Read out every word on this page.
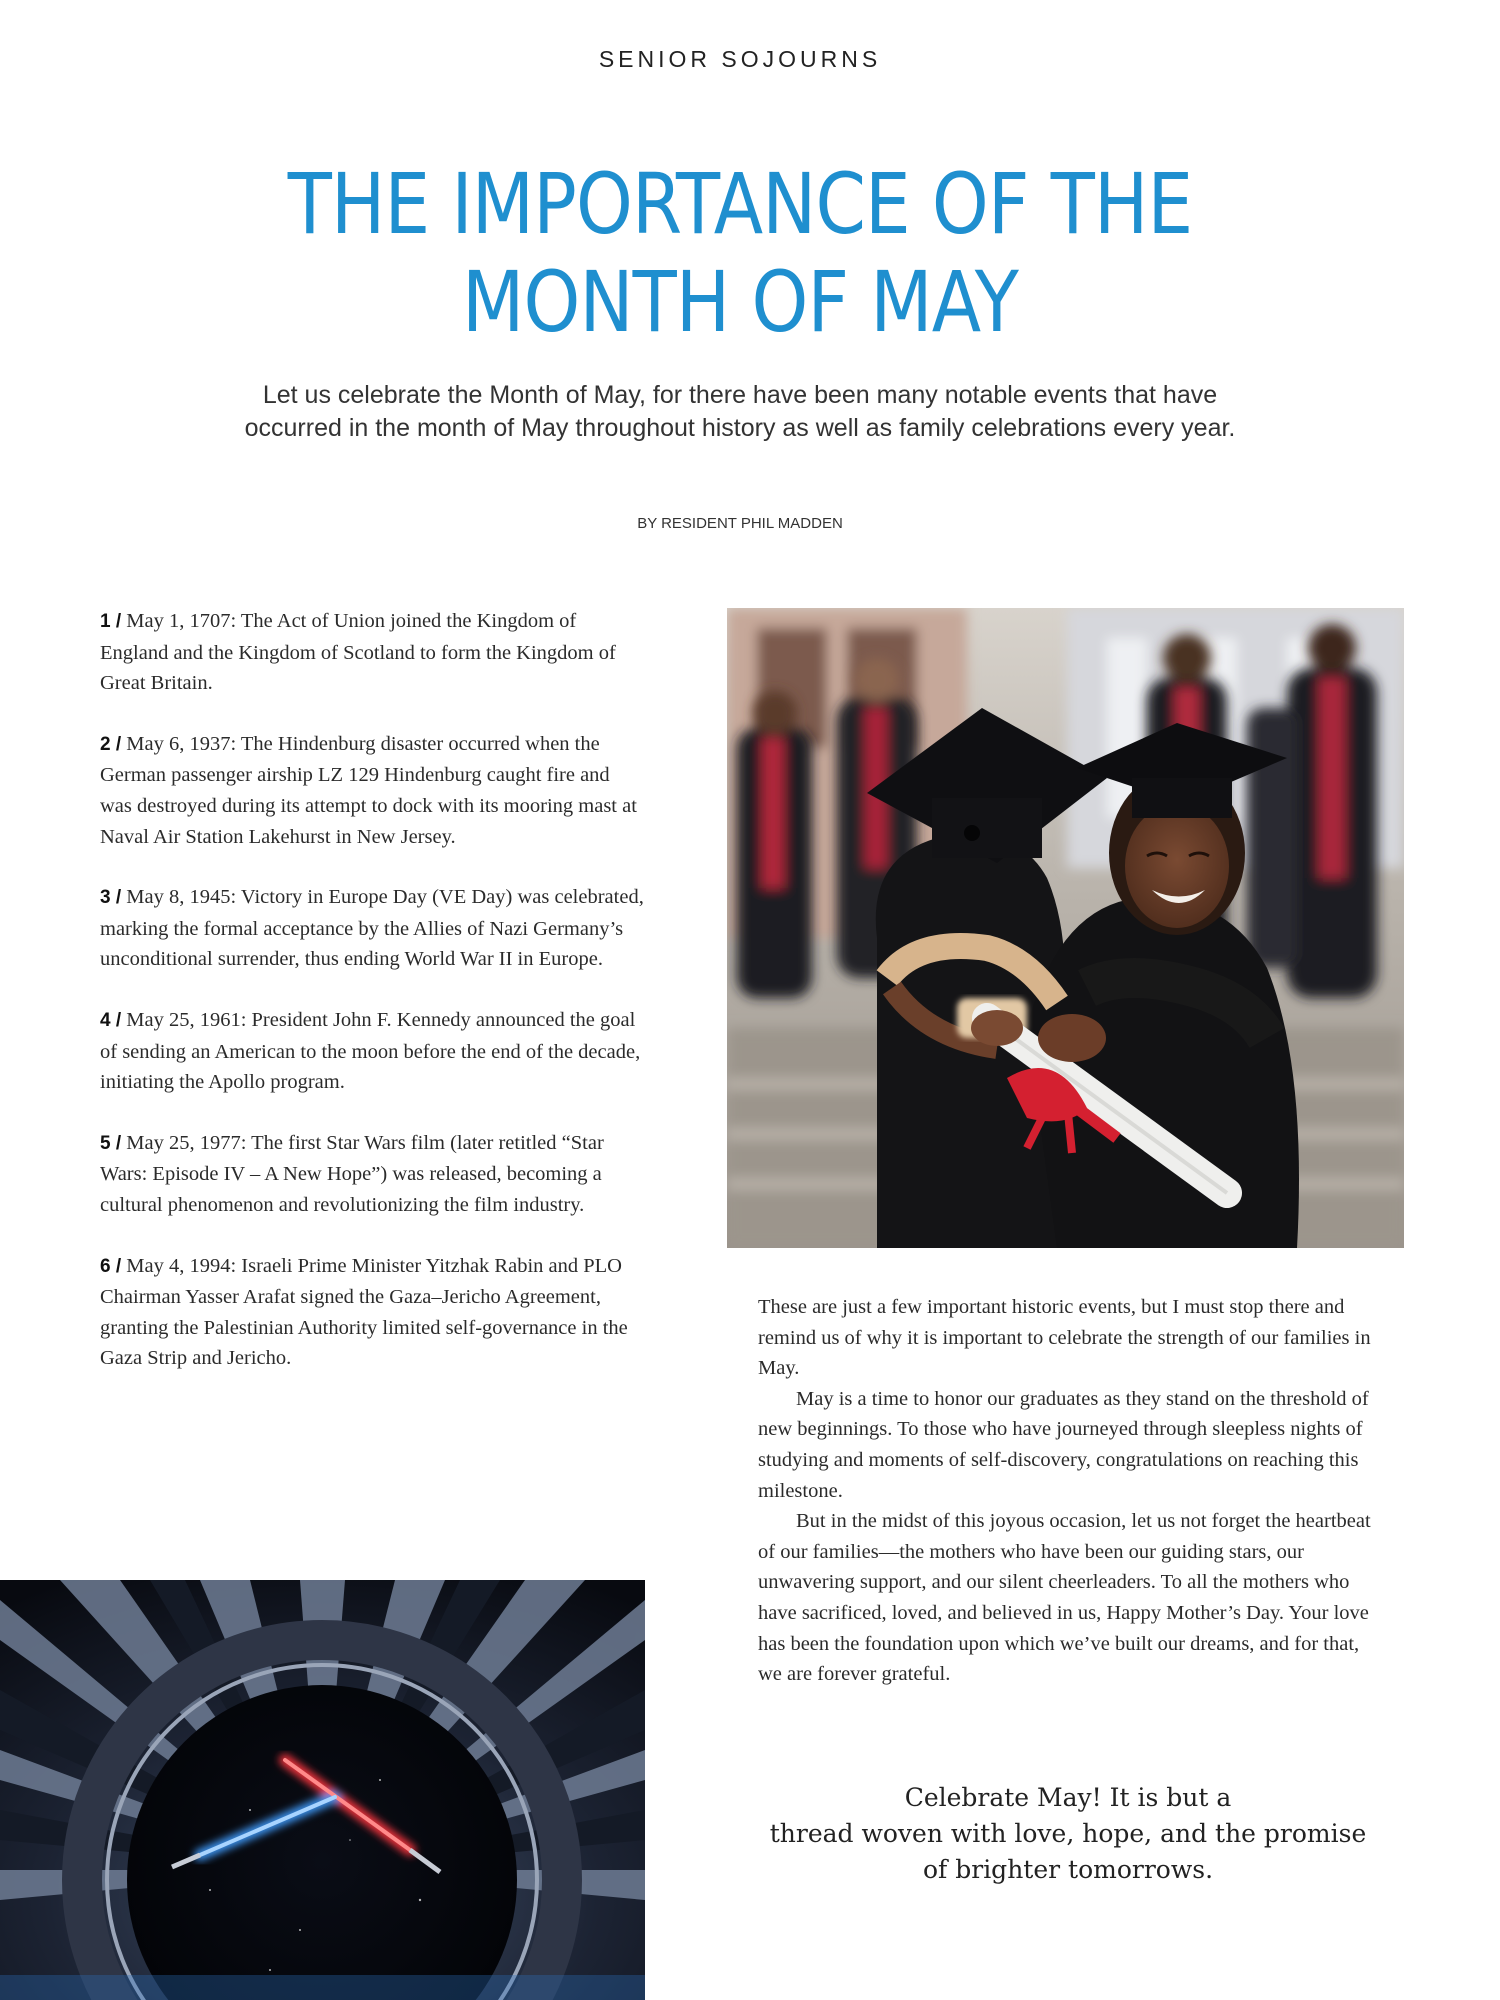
SENIOR SOJOURNS
THE IMPORTANCE OF THE
MONTH OF MAY
Let us celebrate the Month of May, for there have been many notable events that have occurred in the month of May throughout history as well as family celebrations every year.
BY RESIDENT PHIL MADDEN

1 / May 1, 1707: The Act of Union joined the Kingdom of England and the Kingdom of Scotland to form the Kingdom of Great Britain.

2 / May 6, 1937: The Hindenburg disaster occurred when the German passenger airship LZ 129 Hindenburg caught fire and was destroyed during its attempt to dock with its mooring mast at Naval Air Station Lakehurst in New Jersey.

3 / May 8, 1945: Victory in Europe Day (VE Day) was celebrated, marking the formal acceptance by the Allies of Nazi Germany’s unconditional surrender, thus ending World War II in Europe.

4 / May 25, 1961: President John F. Kennedy announced the goal of sending an American to the moon before the end of the decade, initiating the Apollo program.

5 / May 25, 1977: The first Star Wars film (later retitled “Star Wars: Episode IV – A New Hope”) was released, becoming a cultural phenomenon and revolutionizing the film industry.

6 / May 4, 1994: Israeli Prime Minister Yitzhak Rabin and PLO Chairman Yasser Arafat signed the Gaza–Jericho Agreement, granting the Palestinian Authority limited self-governance in the Gaza Strip and Jericho.

These are just a few important historic events, but I must stop there and remind us of why it is important to celebrate the strength of our families in May.

May is a time to honor our graduates as they stand on the threshold of new beginnings. To those who have journeyed through sleepless nights of studying and moments of self-discovery, congratulations on reaching this milestone.

But in the midst of this joyous occasion, let us not forget the heartbeat of our families—the mothers who have been our guiding stars, our unwavering support, and our silent cheerleaders. To all the mothers who have sacrificed, loved, and believed in us, Happy Mother’s Day. Your love has been the foundation upon which we’ve built our dreams, and for that, we are forever grateful.

Celebrate May! It is but a
thread woven with love, hope, and the promise
of brighter tomorrows.
